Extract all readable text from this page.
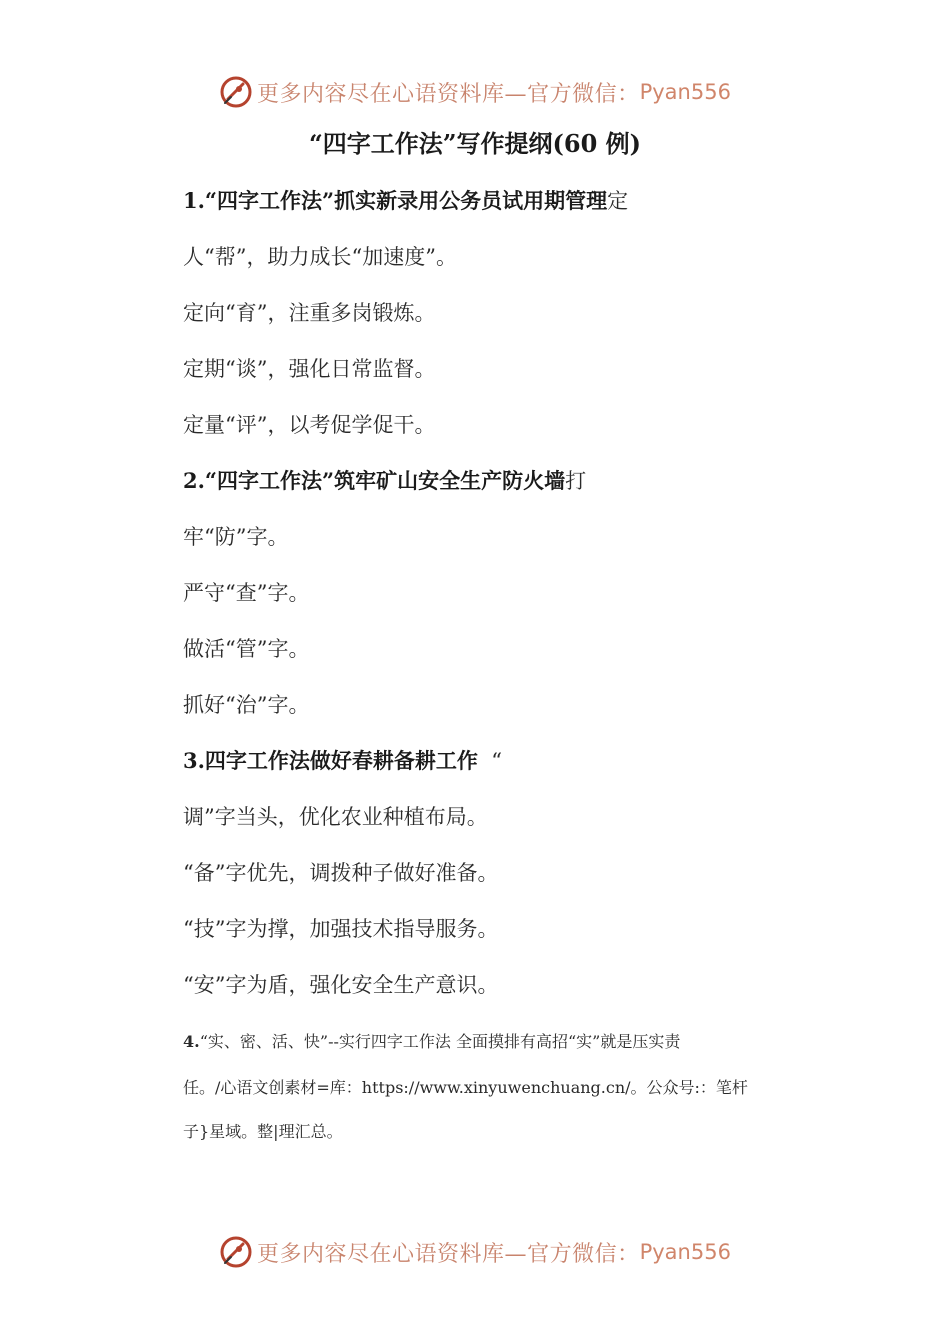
更多内容尽在心语资料库— 官方微信： Pyan556
“四字工作法”写作提纲(60 例)
1.“四字工作法”抓实新录用公务员试用期管理定
人“帮”，助力成长“加速度”。
定向“育”，注重多岗锻炼。
定期“谈”，强化日常监督。
定量“评”，以考促学促干。
2.“四字工作法”筑牢矿山安全生产防火墙打
牢“防”字。
严守“查”字。
做活“管”字。
抓好“治”字。
3.四字工作法做好春耕备耕工作  “
调”字当头，优化农业种植布局。
“备”字优先，调拨种子做好准备。
“技”字为撑，加强技术指导服务。
“安”字为盾，强化安全生产意识。
4.“实、密、活、快”--实行四字工作法 全面摸排有高招“实”就是压实责
任。/心语文创素材=库：https://www.xinyuwenchuang.cn/。公众号:：笔杆
子}星域。整|理汇总。
更多内容尽在心语资料库— 官方微信： Pyan556
